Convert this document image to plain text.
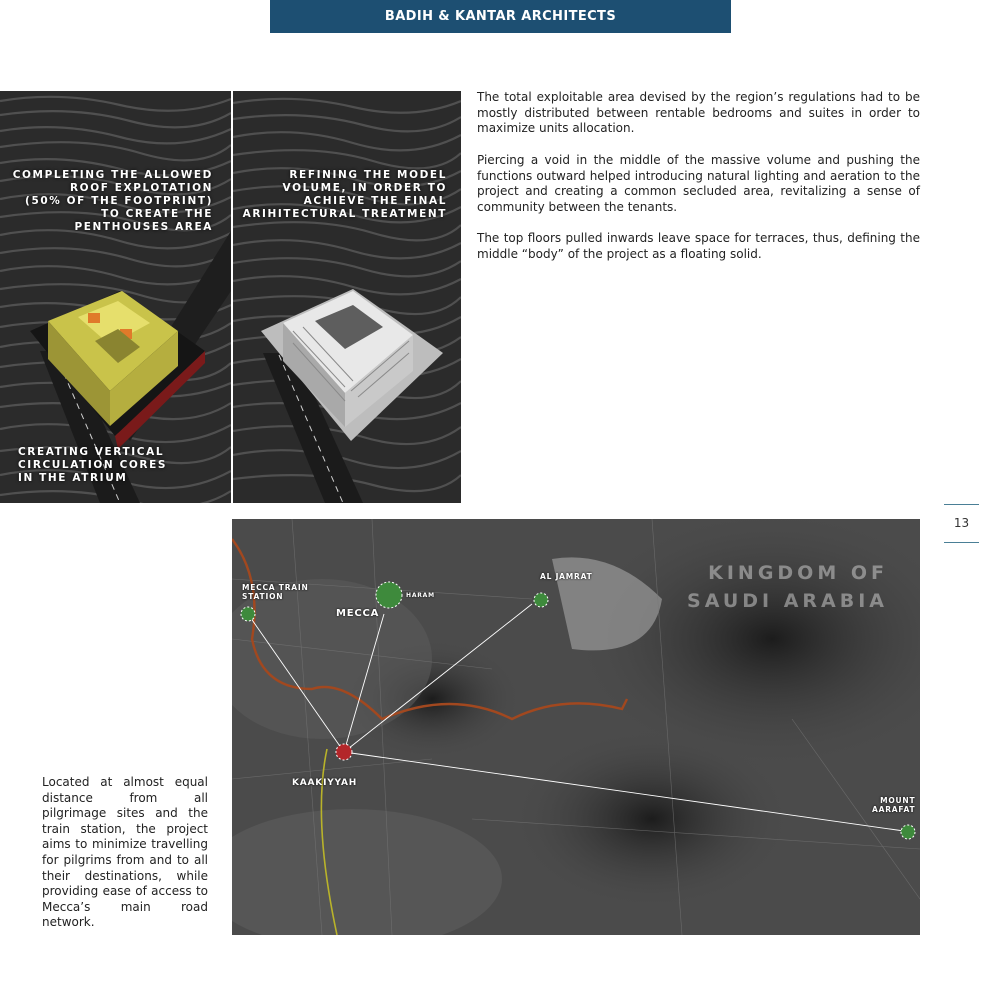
BADIH & KANTAR ARCHITECTS
COMPLETING THE ALLOWED
ROOF EXPLOTATION
(50% OF THE FOOTPRINT)
TO CREATE THE
PENTHOUSES AREA
CREATING VERTICAL
CIRCULATION CORES
IN THE ATRIUM
REFINING THE MODEL
VOLUME, IN ORDER TO
ACHIEVE THE FINAL
ARIHITECTURAL TREATMENT

The total exploitable area devised by the region’s regulations had to be mostly distributed between rentable bedrooms and suites in order to maximize units allocation.

Piercing a void in the middle of the massive volume and pushing the functions outward helped introducing natural lighting and aeration to the project and creating a common secluded area, revitalizing a sense of community between the tenants.

The top floors pulled inwards leave space for terraces, thus, defining the middle “body” of the project as a floating solid.

13
KINGDOM OF
SAUDI ARABIA
MECCA TRAIN
STATION	HARAM
MECCA
AL JAMRAT
KAAKIYYAH
MOUNT
AARAFAT

Located at almost equal distance from all pilgrimage sites and the train station, the project aims to minimize travelling for pilgrims from and to all their destinations, while providing ease of access to Mecca’s main road network.
